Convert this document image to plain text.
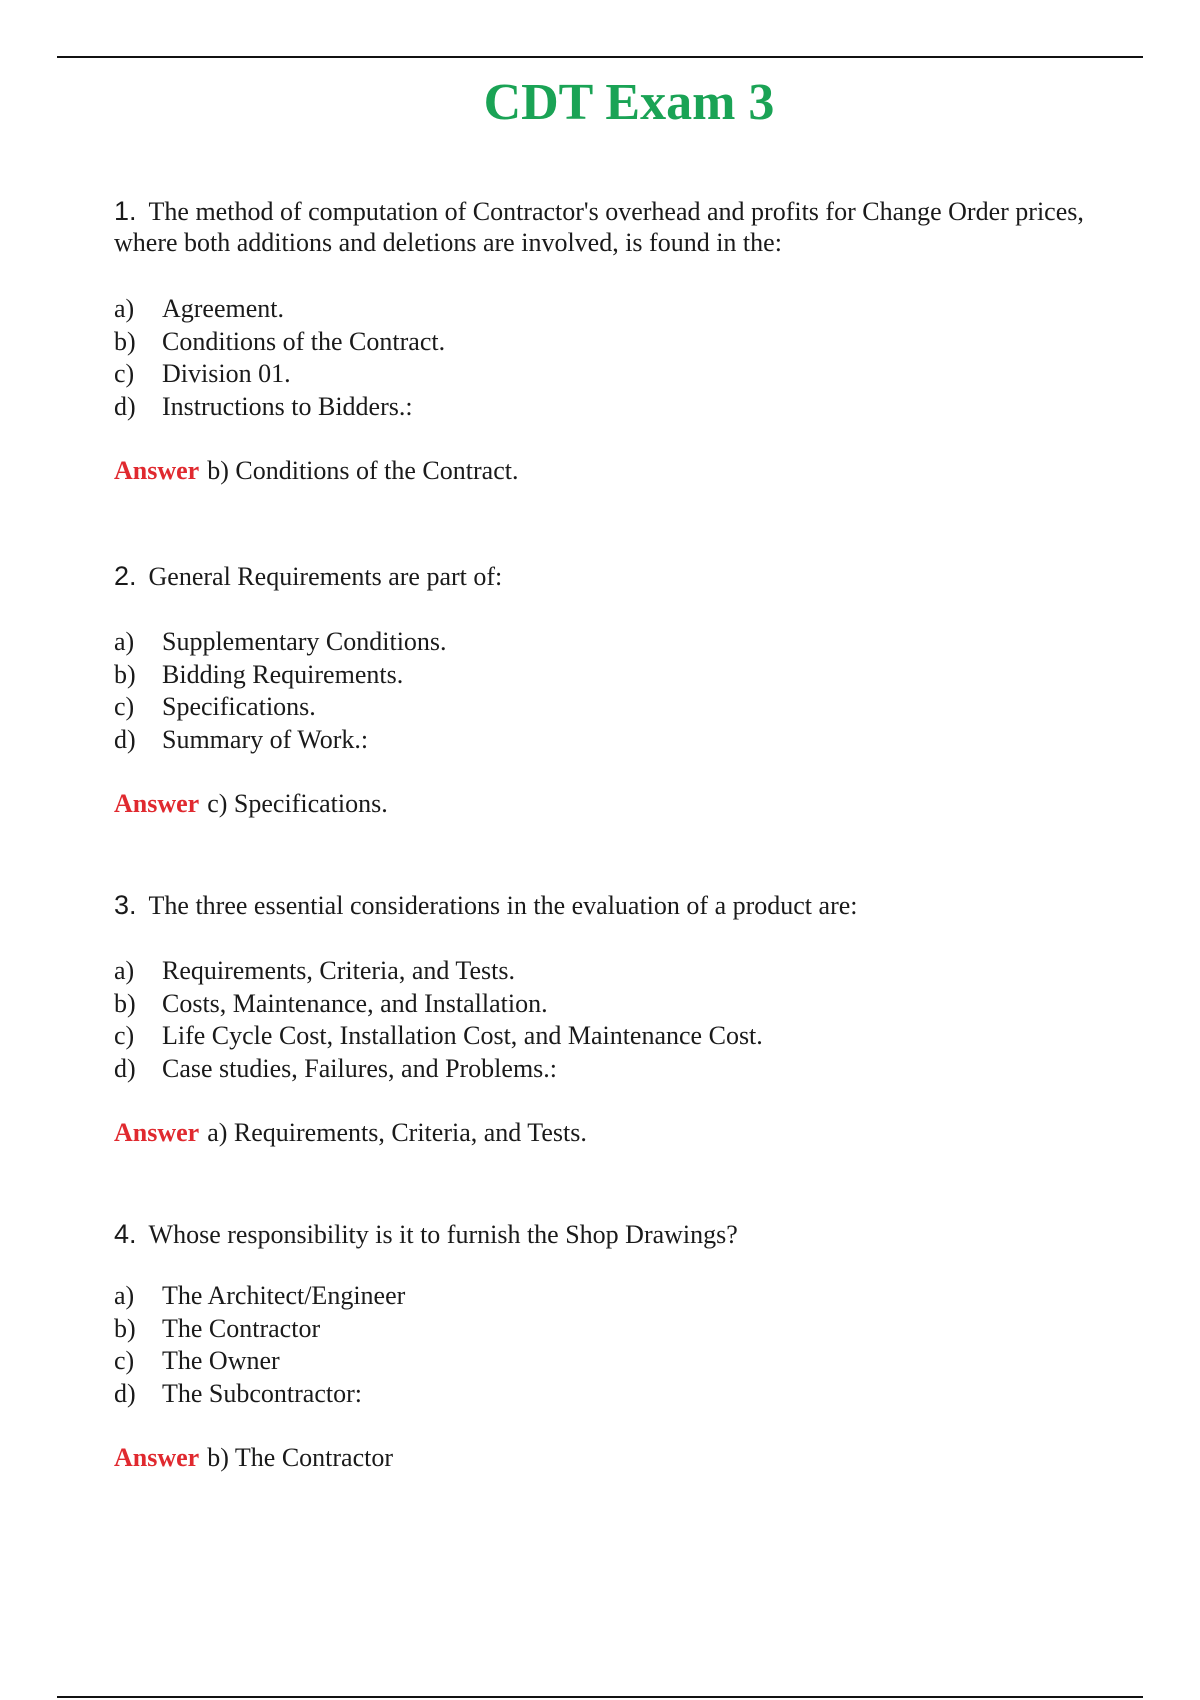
CDT Exam 3

1. The method of computation of Contractor's overhead and profits for Change Order prices, where both additions and deletions are involved, is found in the:

a) Agreement.
b) Conditions of the Contract.
c) Division 01.
d) Instructions to Bidders.:
Answer b) Conditions of the Contract.

2. General Requirements are part of:

a) Supplementary Conditions.
b) Bidding Requirements.
c) Specifications.
d) Summary of Work.:
Answer c) Specifications.

3. The three essential considerations in the evaluation of a product are:

a) Requirements, Criteria, and Tests.
b) Costs, Maintenance, and Installation.
c) Life Cycle Cost, Installation Cost, and Maintenance Cost.
d) Case studies, Failures, and Problems.:
Answer a) Requirements, Criteria, and Tests.

4. Whose responsibility is it to furnish the Shop Drawings?

a) The Architect/Engineer
b) The Contractor
c) The Owner
d) The Subcontractor:
Answer b) The Contractor
